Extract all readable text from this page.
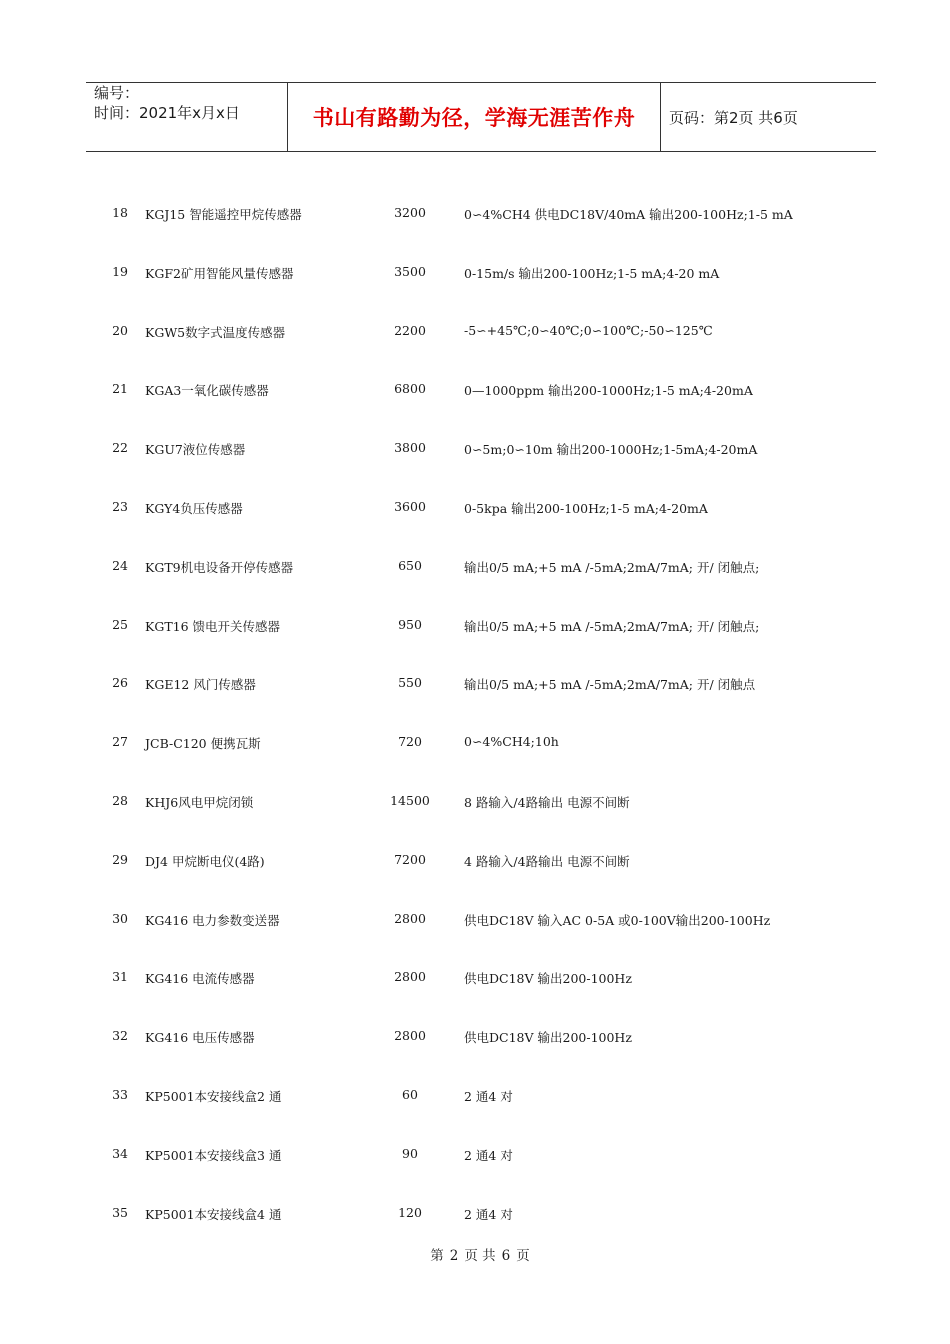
编号：
时间：2021年x月x日	书山有路勤为径，学海无涯苦作舟	页码：第2页 共6页
18 KGJ15 智能遥控甲烷传感器	3200	0∽4%CH4 供电DC18V/40mA 输出200-100Hz;1-5 mA
19 KGF2矿用智能风量传感器	3500	0-15m/s 输出200-100Hz;1-5 mA;4-20 mA
20 KGW5数字式温度传感器	2200	-5∽+45℃;0∽40℃;0∽100℃;-50∽125℃
21 KGA3一氧化碳传感器	6800	0—1000ppm 输出200-1000Hz;1-5 mA;4-20mA
22 KGU7液位传感器	3800	0∽5m;0∽10m 输出200-1000Hz;1-5mA;4-20mA
23 KGY4负压传感器	3600	0-5kpa 输出200-100Hz;1-5 mA;4-20mA
24 KGT9机电设备开停传感器	650	输出0/5 mA;+5 mA /-5mA;2mA/7mA; 开/ 闭触点;
25 KGT16 馈电开关传感器	950	输出0/5 mA;+5 mA /-5mA;2mA/7mA; 开/ 闭触点;
26 KGE12 风门传感器	550	输出0/5 mA;+5 mA /-5mA;2mA/7mA; 开/ 闭触点
27 JCB-C120 便携瓦斯	720	0∽4%CH4;10h
28 KHJ6风电甲烷闭锁	14500	8 路输入/4路输出 电源不间断
29 DJ4 甲烷断电仪(4路)	7200	4 路输入/4路输出 电源不间断
30 KG416 电力参数变送器	2800	供电DC18V 输入AC 0-5A 或0-100V输出200-100Hz
31 KG416 电流传感器	2800	供电DC18V 输出200-100Hz
32 KG416 电压传感器	2800	供电DC18V 输出200-100Hz
33 KP5001本安接线盒2 通	60	2 通4 对
34 KP5001本安接线盒3 通	90	2 通4 对
35 KP5001本安接线盒4 通	120	2 通4 对
第 2 页 共 6 页
